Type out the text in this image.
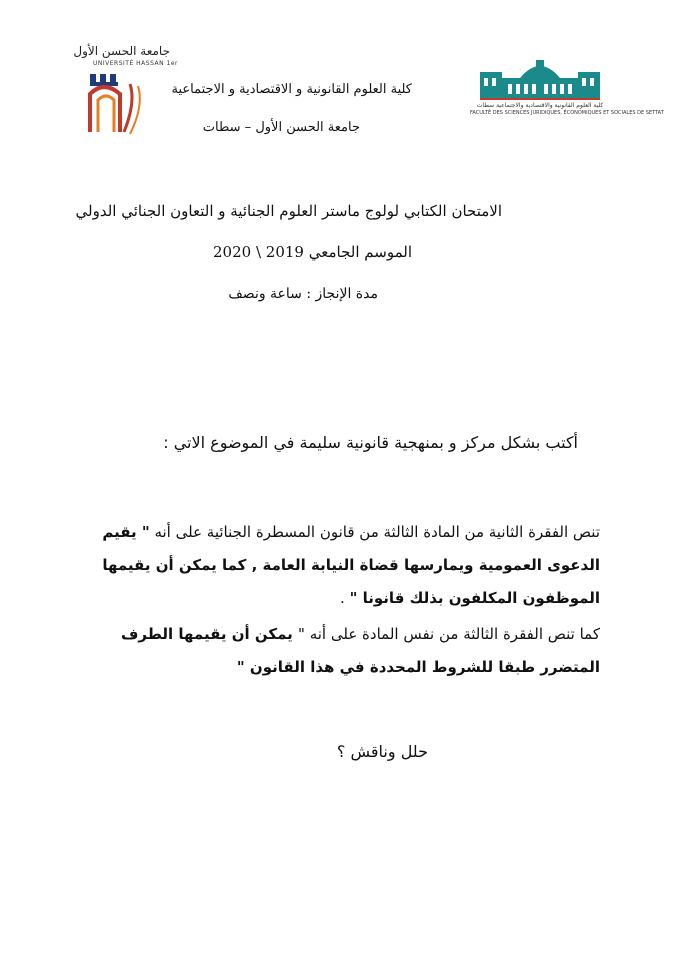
جامعة الحسن الأول
UNIVERSITÉ HASSAN 1er
كلية العلوم القانونية والاقتصادية والاجتماعية سطات
FACULTÉ DES SCIENCES JURIDIQUES, ÉCONOMIQUES ET SOCIALES DE SETTAT
كلية العلوم القانونية و الاقتصادية و الاجتماعية
جامعة الحسن الأول – سطات
الامتحان الكتابي لولوج ماستر العلوم الجنائية و التعاون الجنائي الدولي
الموسم الجامعي 2019 \ 2020
مدة الإنجاز : ساعة ونصف
أكتب بشكل مركز و بمنهجية قانونية سليمة في الموضوع الاتي :

تنص الفقرة الثانية من المادة الثالثة من قانون المسطرة الجنائية على أنه " يقيم الدعوى العمومية ويمارسها قضاة النيابة العامة , كما يمكن أن يقيمها الموظفون المكلفون بذلك قانونا " .

كما تنص الفقرة الثالثة من نفس المادة على أنه " يمكن أن يقيمها الطرف المتضرر طبقا للشروط المحددة في هذا القانون "

حلل وناقش ؟
